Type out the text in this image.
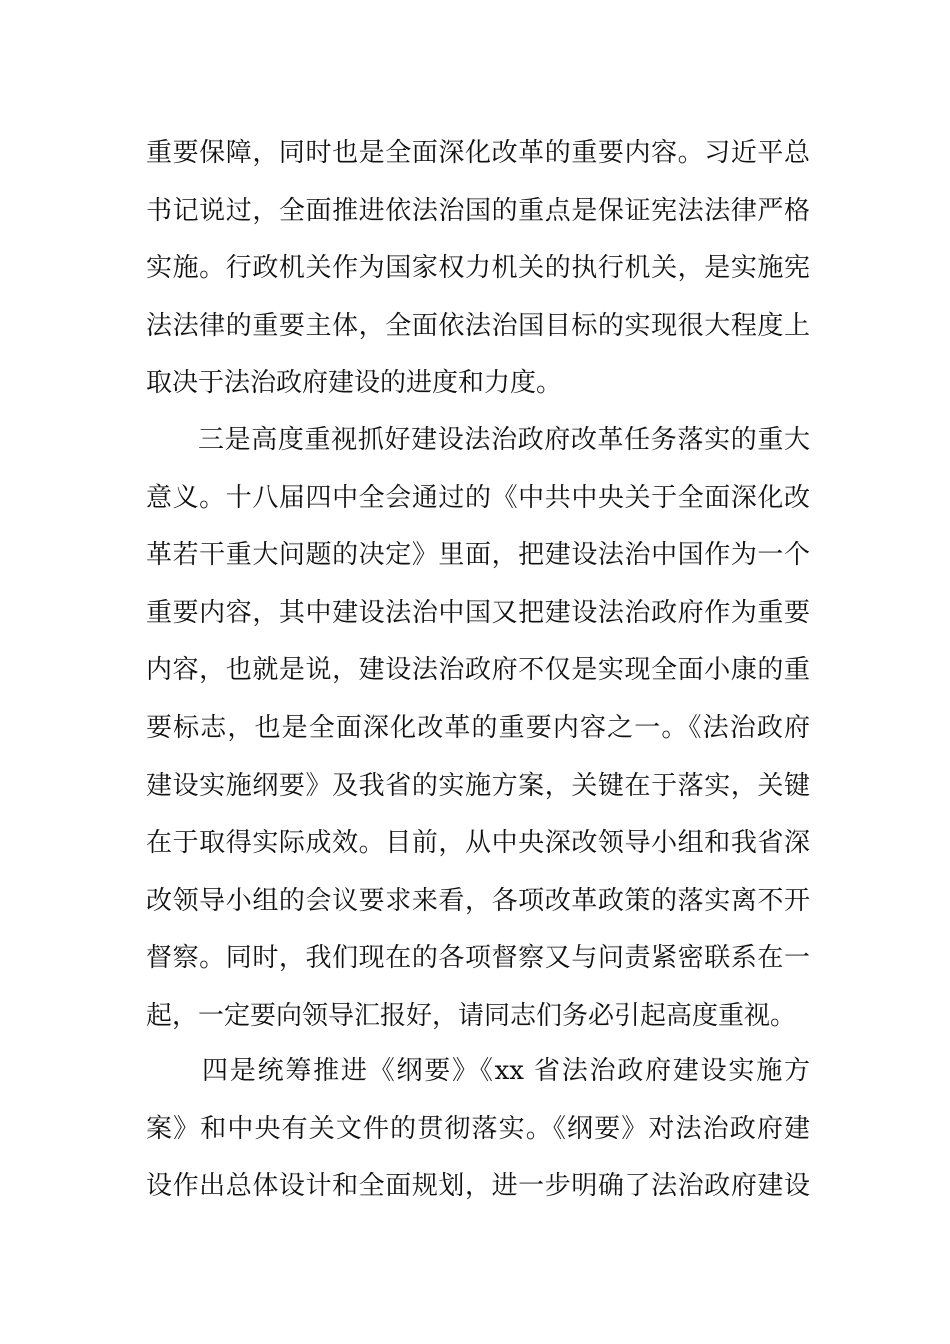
重要保障，同时也是全面深化改革的重要内容。习近平总
书记说过，全面推进依法治国的重点是保证宪法法律严格
实施。行政机关作为国家权力机关的执行机关，是实施宪
法法律的重要主体，全面依法治国目标的实现很大程度上
取决于法治政府建设的进度和力度。
三是高度重视抓好建设法治政府改革任务落实的重大
意义。十八届四中全会通过的《中共中央关于全面深化改
革若干重大问题的决定》里面，把建设法治中国作为一个
重要内容，其中建设法治中国又把建设法治政府作为重要
内容，也就是说，建设法治政府不仅是实现全面小康的重
要标志，也是全面深化改革的重要内容之一。《法治政府
建设实施纲要》及我省的实施方案，关键在于落实，关键
在于取得实际成效。目前，从中央深改领导小组和我省深
改领导小组的会议要求来看，各项改革政策的落实离不开
督察。同时，我们现在的各项督察又与问责紧密联系在一
起，一定要向领导汇报好，请同志们务必引起高度重视。
四是统筹推进《纲要》《xx 省法治政府建设实施方
案》和中央有关文件的贯彻落实。《纲要》对法治政府建
设作出总体设计和全面规划，进一步明确了法治政府建设
